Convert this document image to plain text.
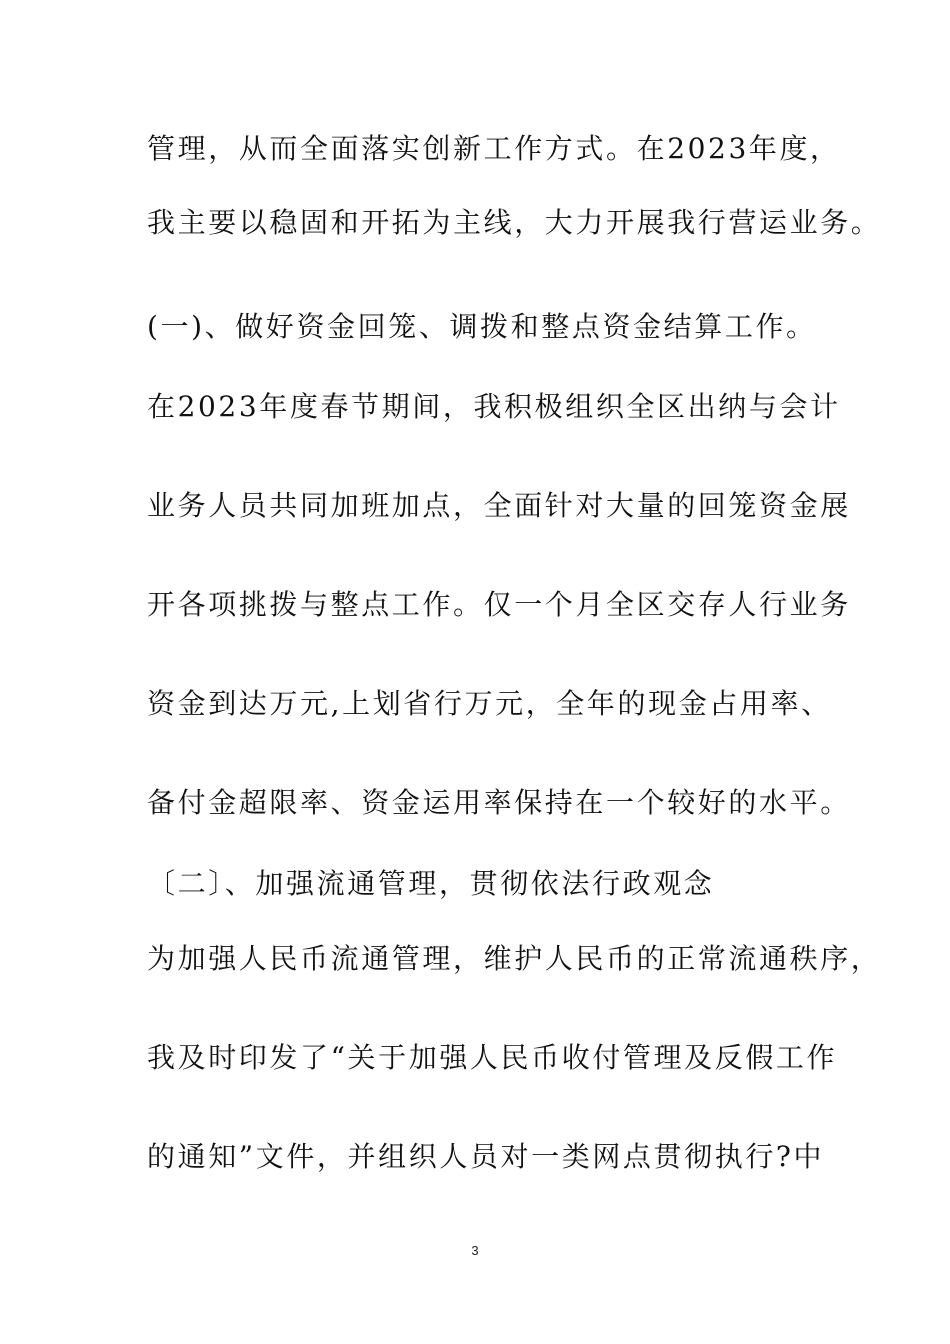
管理，从而全面落实创新工作方式。在2023年度，
我主要以稳固和开拓为主线，大力开展我行营运业务。
(一)、做好资金回笼、调拨和整点资金结算工作。
在2023年度春节期间，我积极组织全区出纳与会计
业务人员共同加班加点，全面针对大量的回笼资金展
开各项挑拨与整点工作。仅一个月全区交存人行业务
资金到达万元,上划省行万元，全年的现金占用率、
备付金超限率、资金运用率保持在一个较好的水平。
〔二〕、加强流通管理，贯彻依法行政观念
为加强人民币流通管理，维护人民币的正常流通秩序，
我及时印发了“关于加强人民币收付管理及反假工作
的通知”文件，并组织人员对一类网点贯彻执行?中
3
